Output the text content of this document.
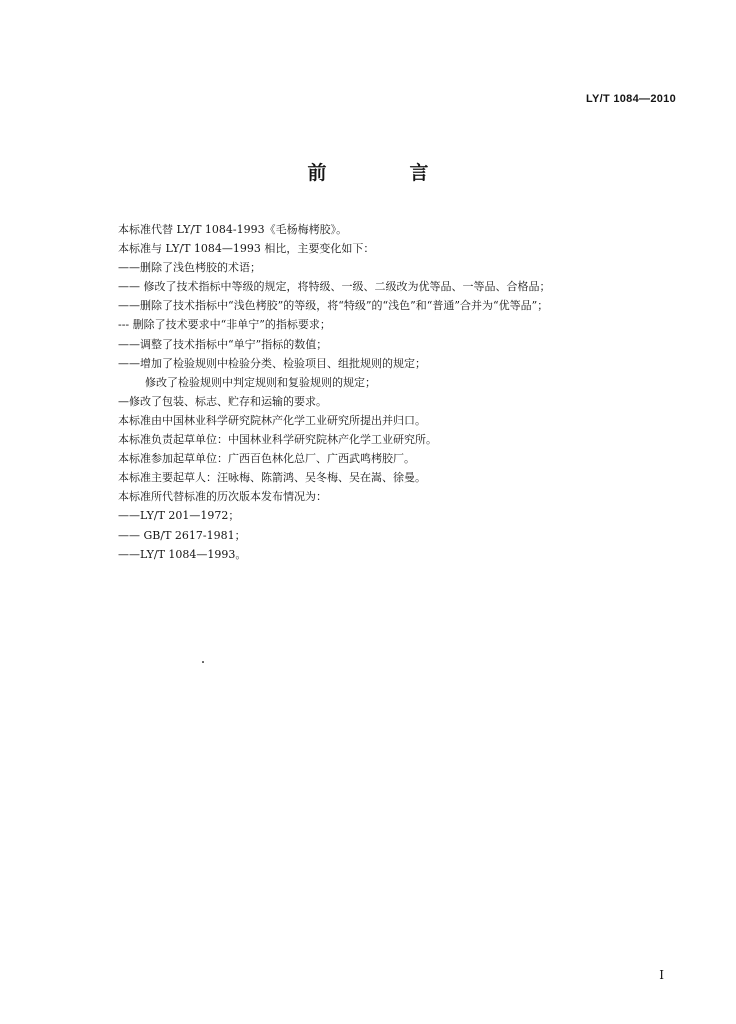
LY/T 1084—2010
前　言
本标准代替 LY/T 1084-1993《毛杨梅栲胶》。
本标准与 LY/T 1084—1993 相比，主要变化如下：
——删除了浅色栲胶的术语；
—— 修改了技术指标中等级的规定，将特级、一级、二级改为优等品、一等品、合格品；
——删除了技术指标中“浅色栲胶”的等级，将“特级”的“浅色”和“普通”合并为“优等品”；
--- 删除了技术要求中“非单宁”的指标要求；
——调整了技术指标中“单宁”指标的数值；
——增加了检验规则中检验分类、检验项目、组批规则的规定；
修改了检验规则中判定规则和复验规则的规定；
—修改了包装、标志、贮存和运输的要求。
本标准由中国林业科学研究院林产化学工业研究所提出并归口。
本标准负责起草单位：中国林业科学研究院林产化学工业研究所。
本标准参加起草单位：广西百色林化总厂、广西武鸣栲胶厂。
本标准主要起草人：汪咏梅、陈箭鸿、吴冬梅、吴在嵩、徐曼。
本标准所代替标准的历次版本发布情况为：
——LY/T 201—1972；
—— GB/T 2617-1981；
——LY/T 1084—1993。
I
